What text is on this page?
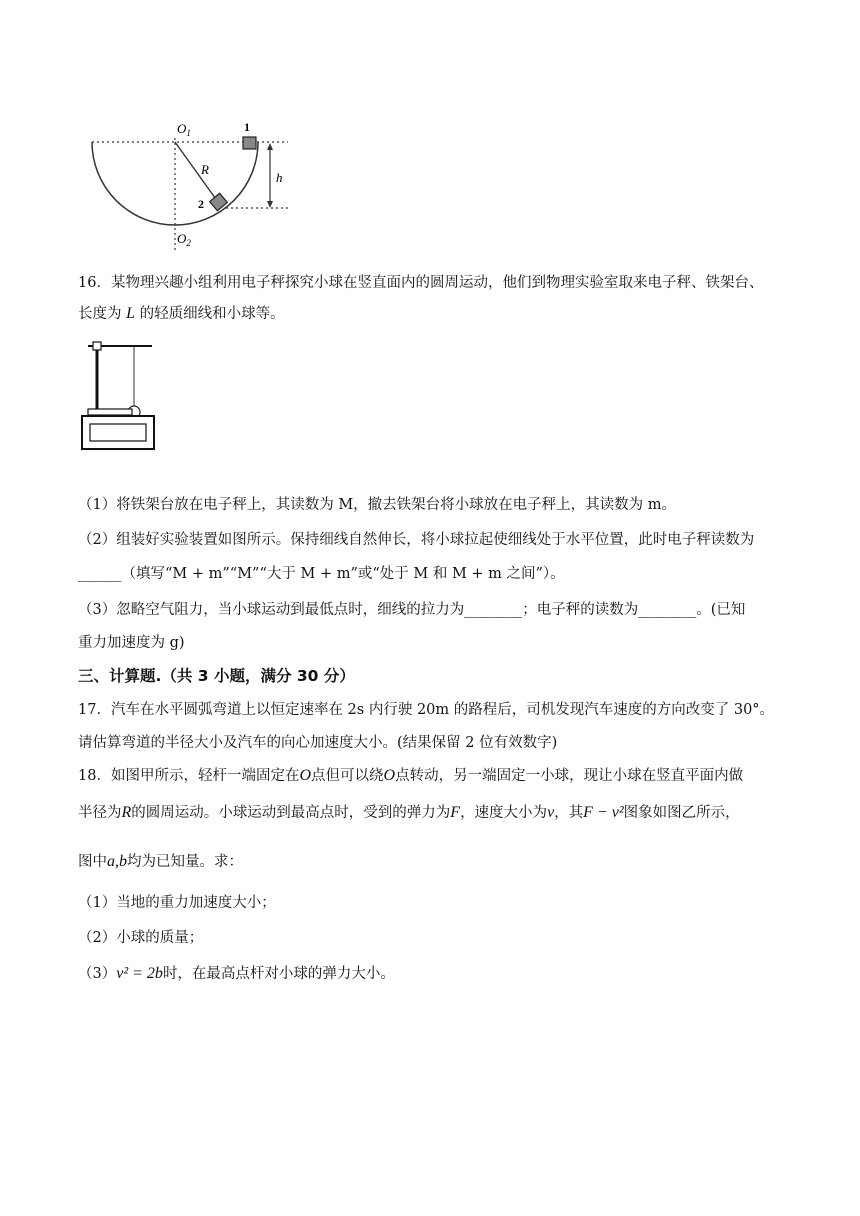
$O_1$	1
R
h
2
$O_2$
16．某物理兴趣小组利用电子秤探究小球在竖直面内的圆周运动，他们到物理实验室取来电子秤、铁架台、
长度为 L 的轻质细线和小球等。
（1）将铁架台放在电子秤上，其读数为 M，撤去铁架台将小球放在电子秤上，其读数为 m。
（2）组装好实验装置如图所示。保持细线自然伸长，将小球拉起使细线处于水平位置，此时电子秤读数为
______（填写“M + m”“M”“大于 M + m”或“处于 M 和 M + m 之间”）。
（3）忽略空气阻力，当小球运动到最低点时，细线的拉力为________；电子秤的读数为________。(已知
重力加速度为 g)
三、计算题.（共 3 小题，满分 30 分）
17．汽车在水平圆弧弯道上以恒定速率在 2s 内行驶 20m 的路程后，司机发现汽车速度的方向改变了 30°。
请估算弯道的半径大小及汽车的向心加速度大小。(结果保留 2 位有效数字)
18．如图甲所示，轻杆一端固定在O点但可以绕O点转动，另一端固定一小球，现让小球在竖直平面内做
半径为R的圆周运动。小球运动到最高点时，受到的弹力为F，速度大小为v，其F − v²图象如图乙所示，
图中a,b均为已知量。求：
（1）当地的重力加速度大小；
（2）小球的质量；
（3）v² = 2b时，在最高点杆对小球的弹力大小。
